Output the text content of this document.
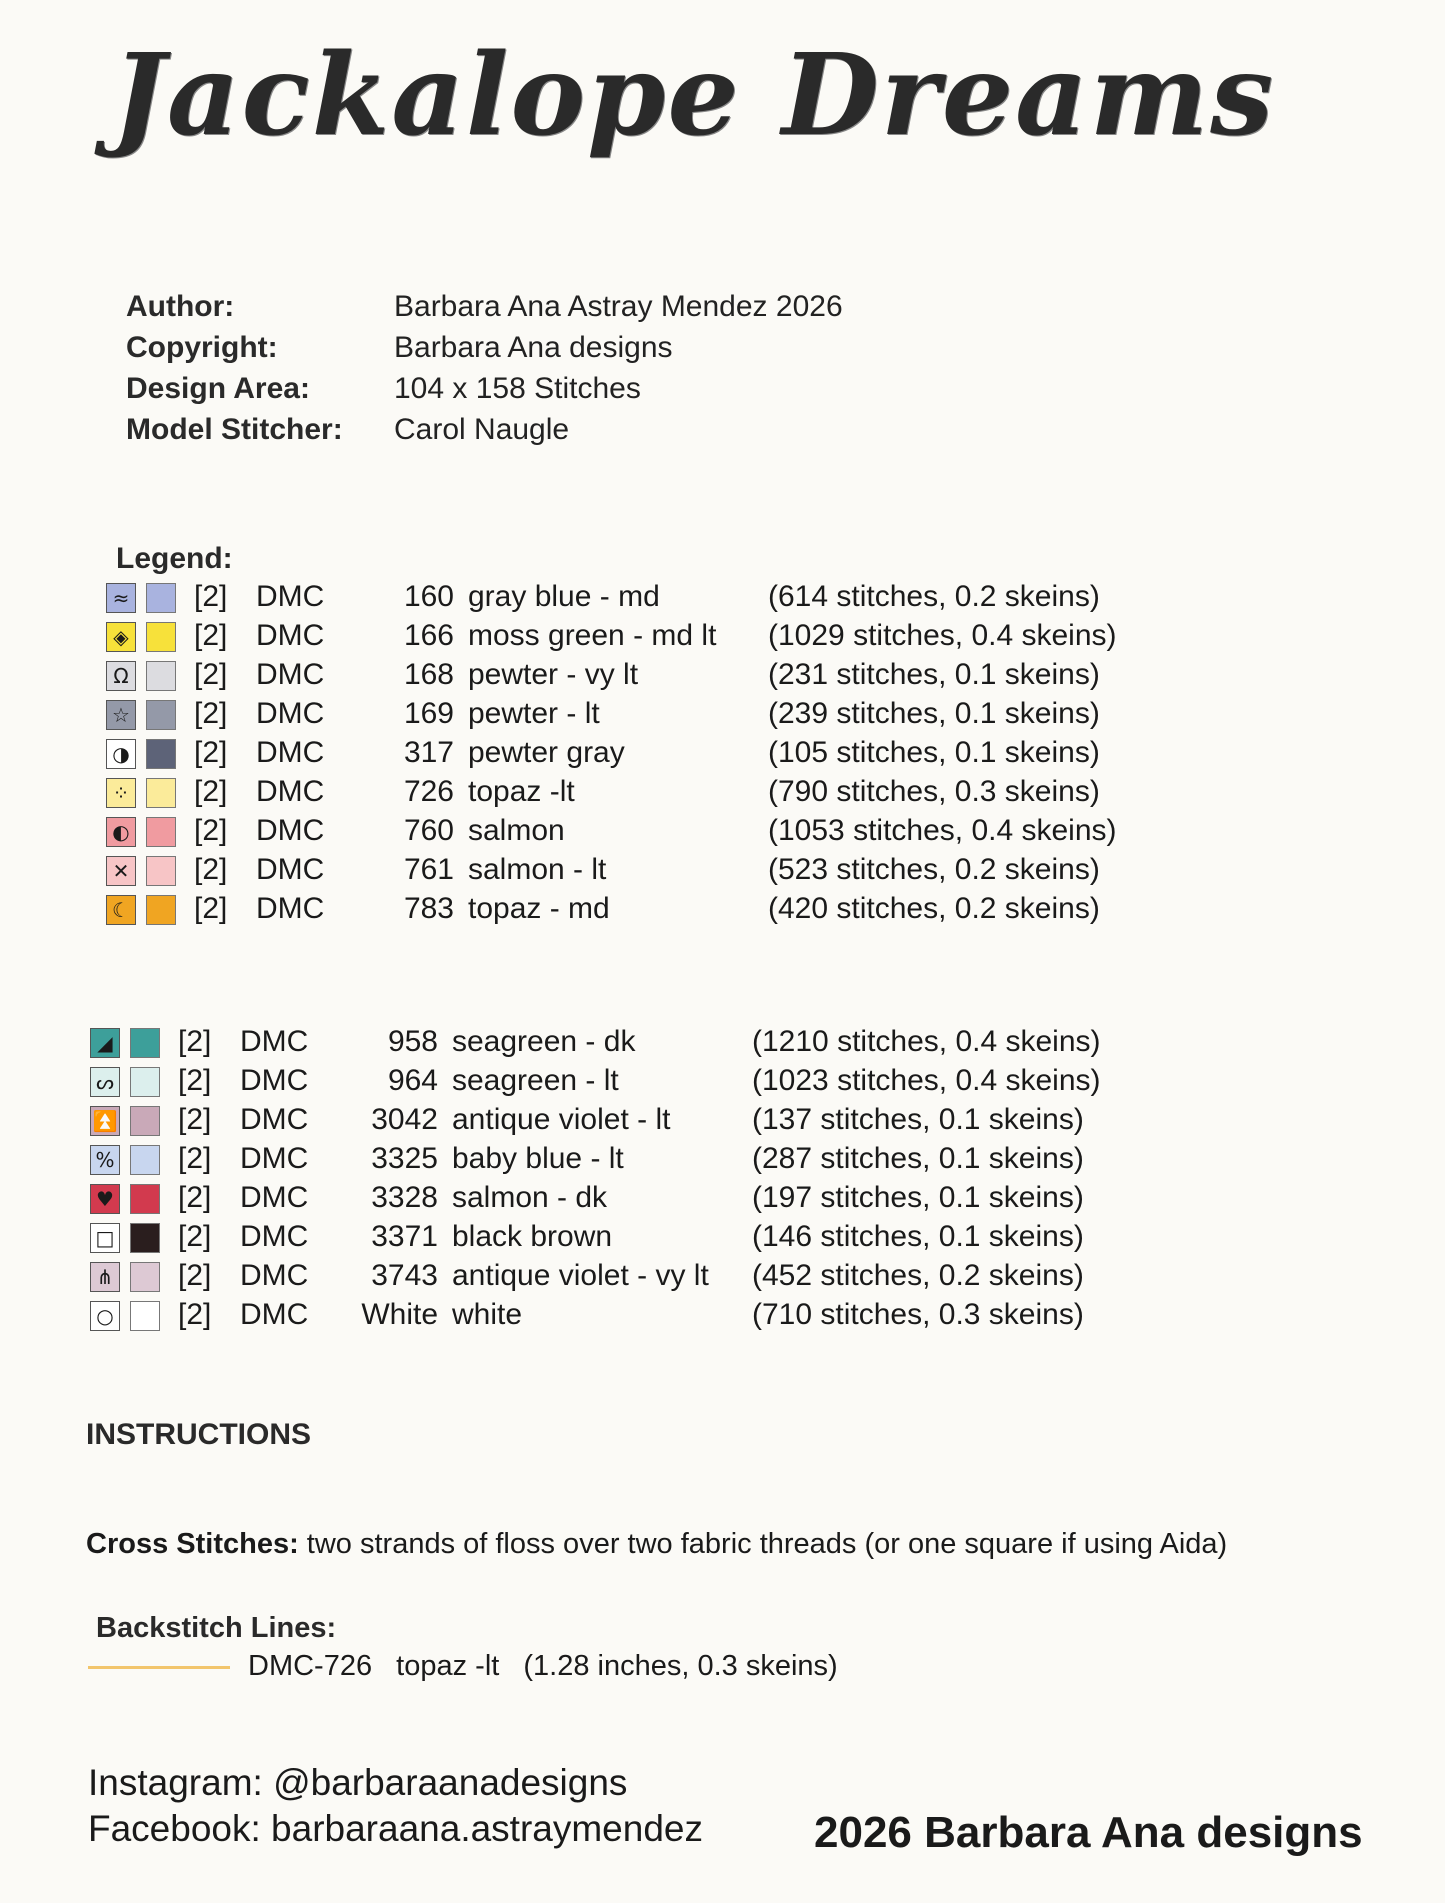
Jackalope Dreams
Author:	Barbara Ana Astray Mendez 2026
Copyright:	Barbara Ana designs
Design Area:	104 x 158 Stitches
Model Stitcher: Carol Naugle
Legend:
≈ [2] DMC	160 gray blue - md	(614 stitches, 0.2 skeins)
◈ [2] DMC	166 moss green - md lt (1029 stitches, 0.4 skeins)
Ω [2] DMC	168 pewter - vy lt	(231 stitches, 0.1 skeins)
☆ [2] DMC	169 pewter - lt	(239 stitches, 0.1 skeins)
◑ [2] DMC	317 pewter gray	(105 stitches, 0.1 skeins)
⁘ [2] DMC	726 topaz -lt	(790 stitches, 0.3 skeins)
◐ [2] DMC	760 salmon	(1053 stitches, 0.4 skeins)
✕ [2] DMC	761 salmon - lt	(523 stitches, 0.2 skeins)
☾ [2] DMC	783 topaz - md	(420 stitches, 0.2 skeins)
◢ [2] DMC	958 seagreen - dk	(1210 stitches, 0.4 skeins)
ᔕ [2] DMC	964 seagreen - lt	(1023 stitches, 0.4 skeins)
⏫ [2] DMC	3042 antique violet - lt	(137 stitches, 0.1 skeins)
% [2] DMC	3325 baby blue - lt	(287 stitches, 0.1 skeins)
♥ [2] DMC	3328 salmon - dk	(197 stitches, 0.1 skeins)
□ [2] DMC	3371 black brown	(146 stitches, 0.1 skeins)
⋔ [2] DMC	3743 antique violet - vy lt (452 stitches, 0.2 skeins)
○ [2] DMC	White white	(710 stitches, 0.3 skeins)
INSTRUCTIONS
Cross Stitches: two strands of floss over two fabric threads (or one square if using Aida)
Backstitch Lines:
DMC-726 topaz -lt (1.28 inches, 0.3 skeins)
Instagram: @barbaraanadesigns
Facebook: barbaraana.astraymendez	2026 Barbara Ana designs
